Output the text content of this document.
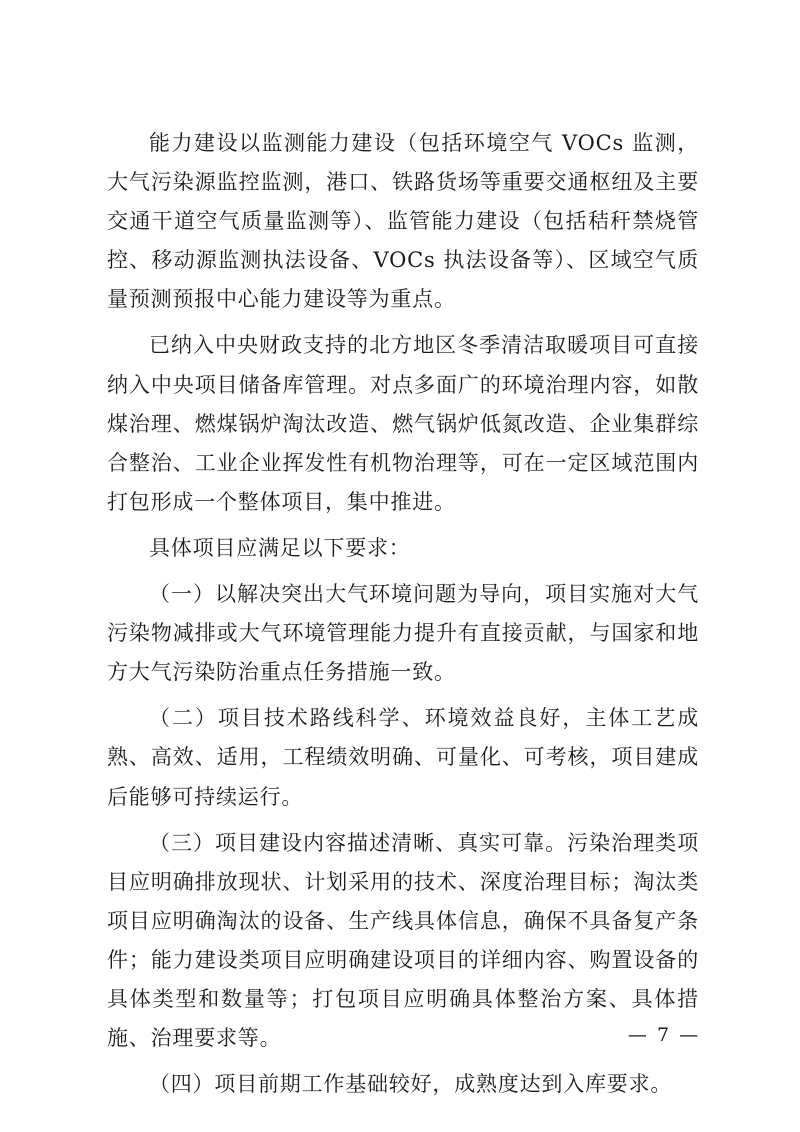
能力建设以监测能力建设（包括环境空气 VOCs 监测，大气污染源监控监测，港口、铁路货场等重要交通枢纽及主要交通干道空气质量监测等）、监管能力建设（包括秸秆禁烧管控、移动源监测执法设备、VOCs 执法设备等）、区域空气质量预测预报中心能力建设等为重点。

已纳入中央财政支持的北方地区冬季清洁取暖项目可直接纳入中央项目储备库管理。对点多面广的环境治理内容，如散煤治理、燃煤锅炉淘汰改造、燃气锅炉低氮改造、企业集群综合整治、工业企业挥发性有机物治理等，可在一定区域范围内打包形成一个整体项目，集中推进。

具体项目应满足以下要求：

（一）以解决突出大气环境问题为导向，项目实施对大气污染物减排或大气环境管理能力提升有直接贡献，与国家和地方大气污染防治重点任务措施一致。

（二）项目技术路线科学、环境效益良好，主体工艺成熟、高效、适用，工程绩效明确、可量化、可考核，项目建成后能够可持续运行。

（三）项目建设内容描述清晰、真实可靠。污染治理类项目应明确排放现状、计划采用的技术、深度治理目标；淘汰类项目应明确淘汰的设备、生产线具体信息，确保不具备复产条件；能力建设类项目应明确建设项目的详细内容、购置设备的具体类型和数量等；打包项目应明确具体整治方案、具体措施、治理要求等。

（四）项目前期工作基础较好，成熟度达到入库要求。

— 7 —
